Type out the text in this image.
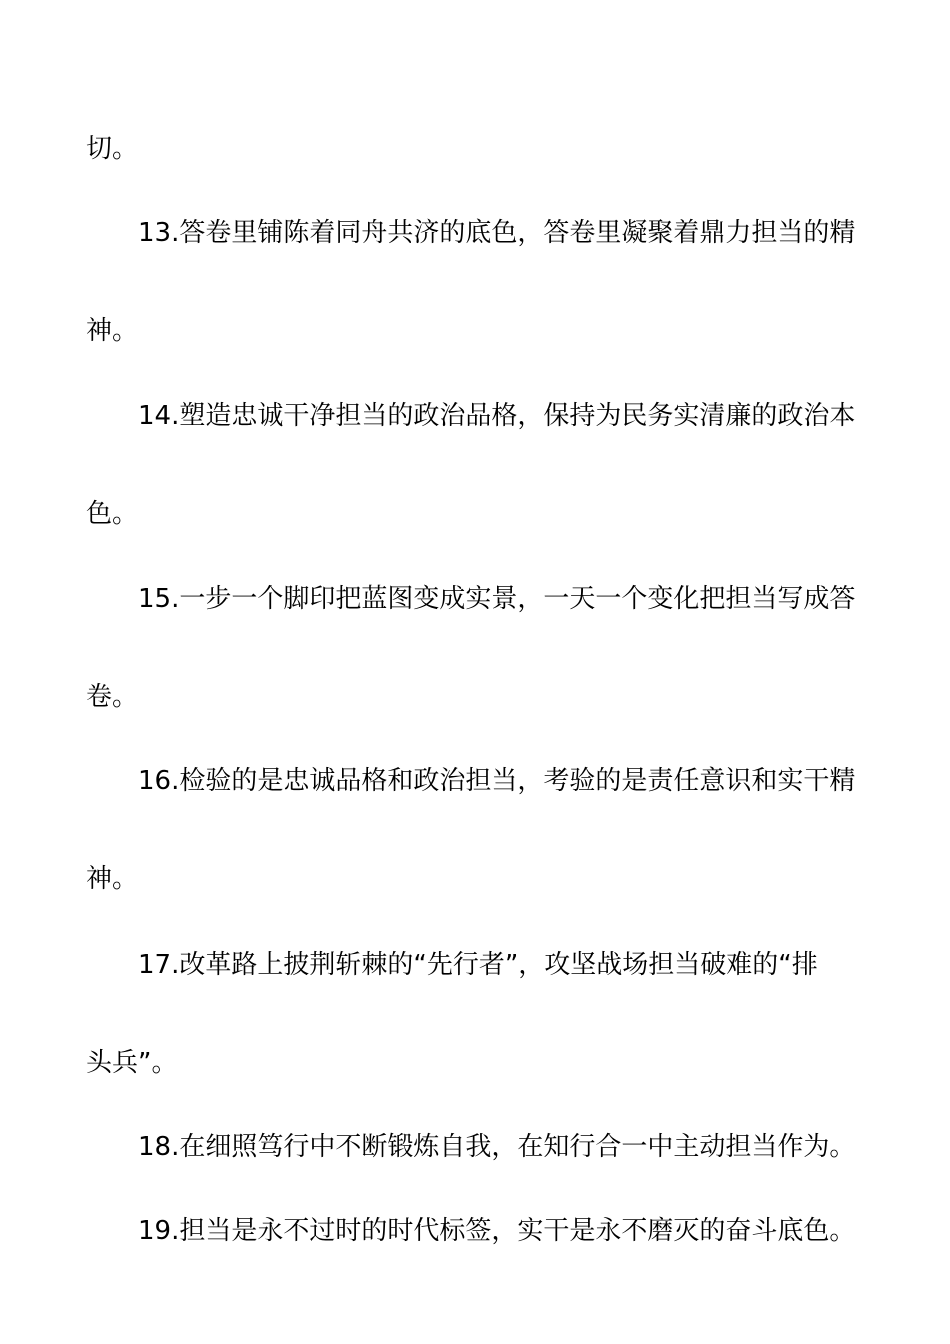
切。
13.答卷里铺陈着同舟共济的底色，答卷里凝聚着鼎力担当的精
神。
14.塑造忠诚干净担当的政治品格，保持为民务实清廉的政治本
色。
15.一步一个脚印把蓝图变成实景，一天一个变化把担当写成答
卷。
16.检验的是忠诚品格和政治担当，考验的是责任意识和实干精
神。
17.改革路上披荆斩棘的“先行者”，攻坚战场担当破难的“排
头兵”。
18.在细照笃行中不断锻炼自我，在知行合一中主动担当作为。
19.担当是永不过时的时代标签，实干是永不磨灭的奋斗底色。
